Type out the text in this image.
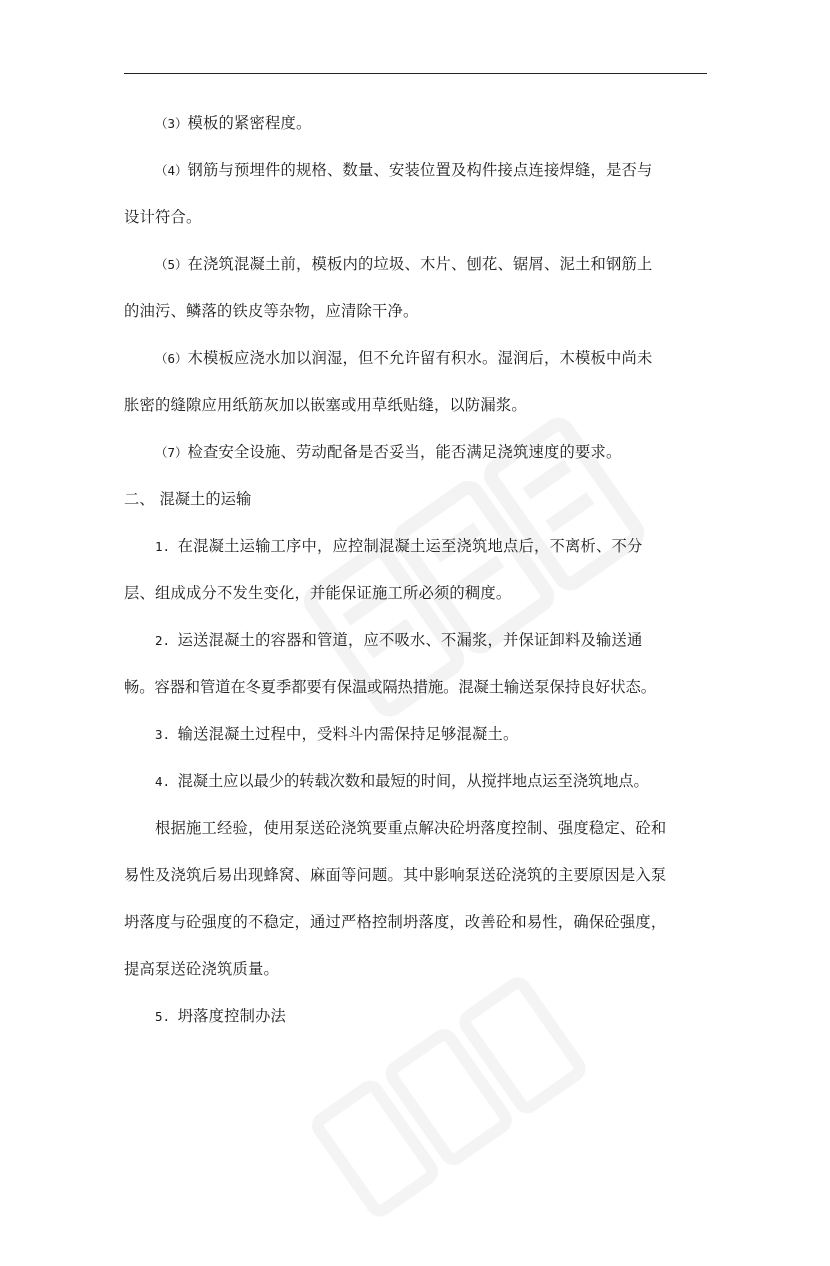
（3）模板的紧密程度。

（4）钢筋与预埋件的规格、数量、安装位置及构件接点连接焊缝，是否与

设计符合。

（5）在浇筑混凝土前，模板内的垃圾、木片、刨花、锯屑、泥土和钢筋上

的油污、鳞落的铁皮等杂物，应清除干净。

（6）木模板应浇水加以润湿，但不允许留有积水。湿润后，木模板中尚未

胀密的缝隙应用纸筋灰加以嵌塞或用草纸贴缝，以防漏浆。

（7）检查安全设施、劳动配备是否妥当，能否满足浇筑速度的要求。

二、 混凝土的运输

1. 在混凝土运输工序中，应控制混凝土运至浇筑地点后，不离析、不分

层、组成成分不发生变化，并能保证施工所必须的稠度。

2. 运送混凝土的容器和管道，应不吸水、不漏浆，并保证卸料及输送通

畅。容器和管道在冬夏季都要有保温或隔热措施。混凝土输送泵保持良好状态。

3. 输送混凝土过程中，受料斗内需保持足够混凝土。

4. 混凝土应以最少的转载次数和最短的时间，从搅拌地点运至浇筑地点。

根据施工经验，使用泵送砼浇筑要重点解决砼坍落度控制、强度稳定、砼和

易性及浇筑后易出现蜂窝、麻面等问题。其中影响泵送砼浇筑的主要原因是入泵

坍落度与砼强度的不稳定，通过严格控制坍落度，改善砼和易性，确保砼强度，

提高泵送砼浇筑质量。

5. 坍落度控制办法
